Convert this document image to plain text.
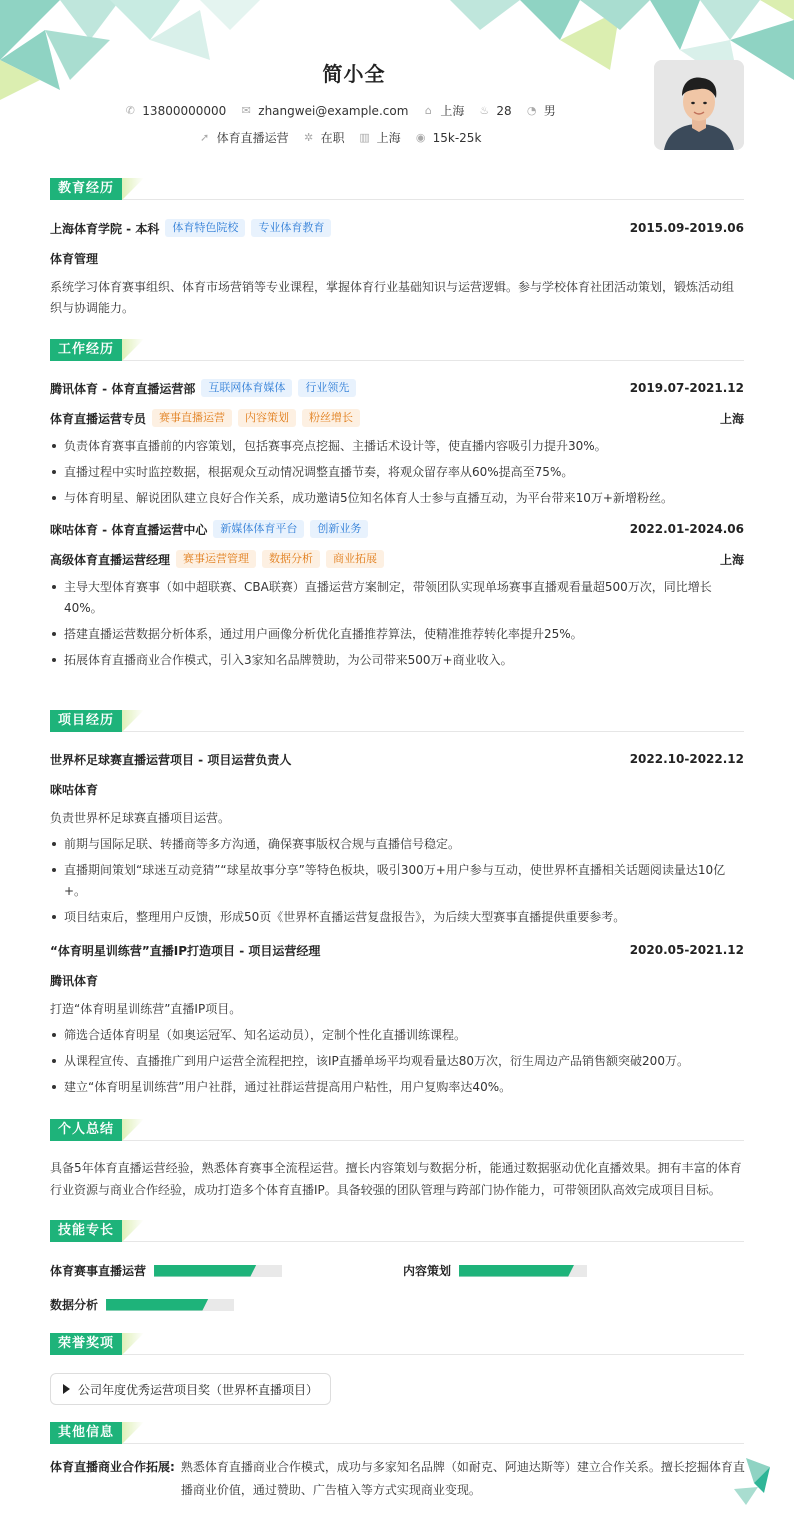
简小全
✆ 13800000000 ✉ zhangwei@example.com ⌂ 上海 ♨ 28 ◔ 男
➚ 体育直播运营 ✲ 在职 ▥ 上海 ◉ 15k-25k
教育经历
上海体育学院 - 本科	体育特色院校	专业体育教育	2015.09-2019.06
体育管理
系统学习体育赛事组织、体育市场营销等专业课程，掌握体育行业基础知识与运营逻辑。参与学校体育社团活动策划，锻炼活动组织与协调能力。
工作经历
腾讯体育 - 体育直播运营部	互联网体育媒体	行业领先	2019.07-2021.12
体育直播运营专员	赛事直播运营	内容策划	粉丝增长	上海
负责体育赛事直播前的内容策划，包括赛事亮点挖掘、主播话术设计等，使直播内容吸引力提升30%。
直播过程中实时监控数据，根据观众互动情况调整直播节奏，将观众留存率从60%提高至75%。
与体育明星、解说团队建立良好合作关系，成功邀请5位知名体育人士参与直播互动，为平台带来10万+新增粉丝。
咪咕体育 - 体育直播运营中心	新媒体体育平台	创新业务	2022.01-2024.06
高级体育直播运营经理	赛事运营管理	数据分析	商业拓展	上海
主导大型体育赛事（如中超联赛、CBA联赛）直播运营方案制定，带领团队实现单场赛事直播观看量超500万次，同比增长40%。
搭建直播运营数据分析体系，通过用户画像分析优化直播推荐算法，使精准推荐转化率提升25%。
拓展体育直播商业合作模式，引入3家知名品牌赞助，为公司带来500万+商业收入。
项目经历
世界杯足球赛直播运营项目 - 项目运营负责人	2022.10-2022.12
咪咕体育
负责世界杯足球赛直播项目运营。
前期与国际足联、转播商等多方沟通，确保赛事版权合规与直播信号稳定。
直播期间策划“球迷互动竞猜”“球星故事分享”等特色板块，吸引300万+用户参与互动，使世界杯直播相关话题阅读量达10亿+。
项目结束后，整理用户反馈，形成50页《世界杯直播运营复盘报告》，为后续大型赛事直播提供重要参考。
“体育明星训练营”直播IP打造项目 - 项目运营经理	2020.05-2021.12
腾讯体育
打造“体育明星训练营”直播IP项目。
筛选合适体育明星（如奥运冠军、知名运动员），定制个性化直播训练课程。
从课程宣传、直播推广到用户运营全流程把控，该IP直播单场平均观看量达80万次，衍生周边产品销售额突破200万。
建立“体育明星训练营”用户社群，通过社群运营提高用户粘性，用户复购率达40%。
个人总结
具备5年体育直播运营经验，熟悉体育赛事全流程运营。擅长内容策划与数据分析，能通过数据驱动优化直播效果。拥有丰富的体育行业资源与商业合作经验，成功打造多个体育直播IP。具备较强的团队管理与跨部门协作能力，可带领团队高效完成项目目标。
技能专长
体育赛事直播运营	内容策划
数据分析
荣誉奖项
公司年度优秀运营项目奖（世界杯直播项目）
其他信息
体育直播商业合作拓展: 熟悉体育直播商业合作模式，成功与多家知名品牌（如耐克、阿迪达斯等）建立合作关系。擅长挖掘体育直播商业价值，通过赞助、广告植入等方式实现商业变现。
